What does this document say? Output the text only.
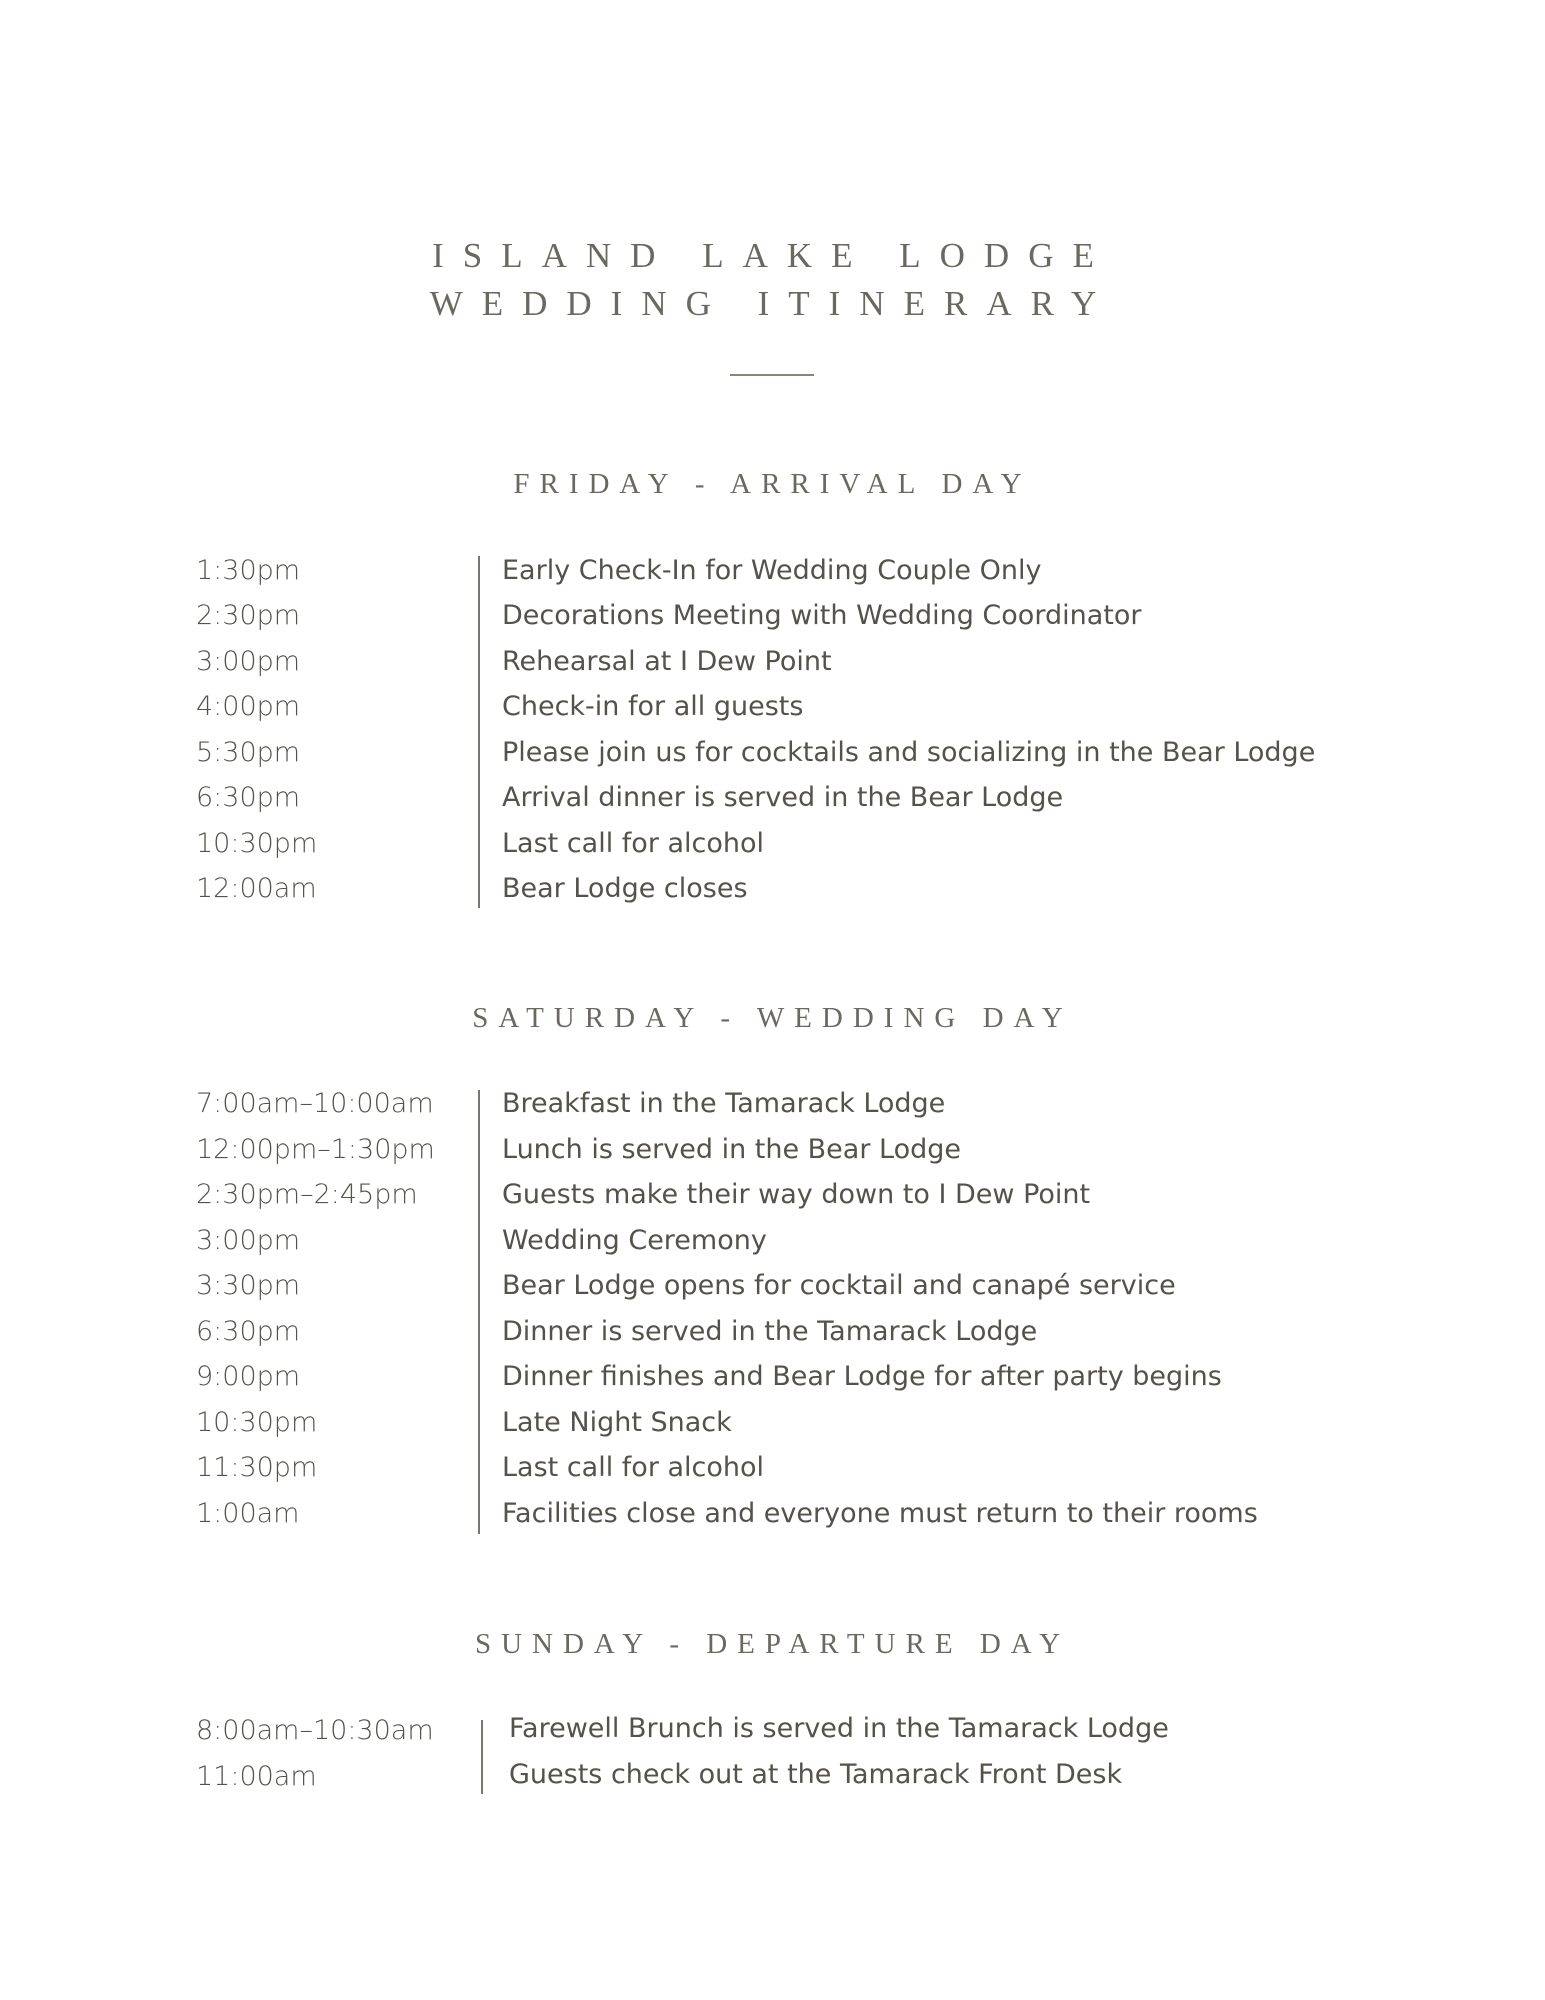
ISLAND LAKE LODGE
WEDDING ITINERARY
FRIDAY - ARRIVAL DAY
1:30pm	Early Check-In for Wedding Couple Only
2:30pm	Decorations Meeting with Wedding Coordinator
3:00pm	Rehearsal at I Dew Point
4:00pm	Check-in for all guests
5:30pm	Please join us for cocktails and socializing in the Bear Lodge
6:30pm	Arrival dinner is served in the Bear Lodge
10:30pm	Last call for alcohol
12:00am	Bear Lodge closes
SATURDAY - WEDDING DAY
7:00am–10:00am	Breakfast in the Tamarack Lodge
12:00pm–1:30pm Lunch is served in the Bear Lodge
2:30pm–2:45pm	Guests make their way down to I Dew Point
3:00pm	Wedding Ceremony
3:30pm	Bear Lodge opens for cocktail and canapé service
6:30pm	Dinner is served in the Tamarack Lodge
9:00pm	Dinner finishes and Bear Lodge for after party begins
10:30pm	Late Night Snack
11:30pm	Last call for alcohol
1:00am	Facilities close and everyone must return to their rooms
SUNDAY - DEPARTURE DAY
8:00am–10:30am	Farewell Brunch is served in the Tamarack Lodge
11:00am	Guests check out at the Tamarack Front Desk
